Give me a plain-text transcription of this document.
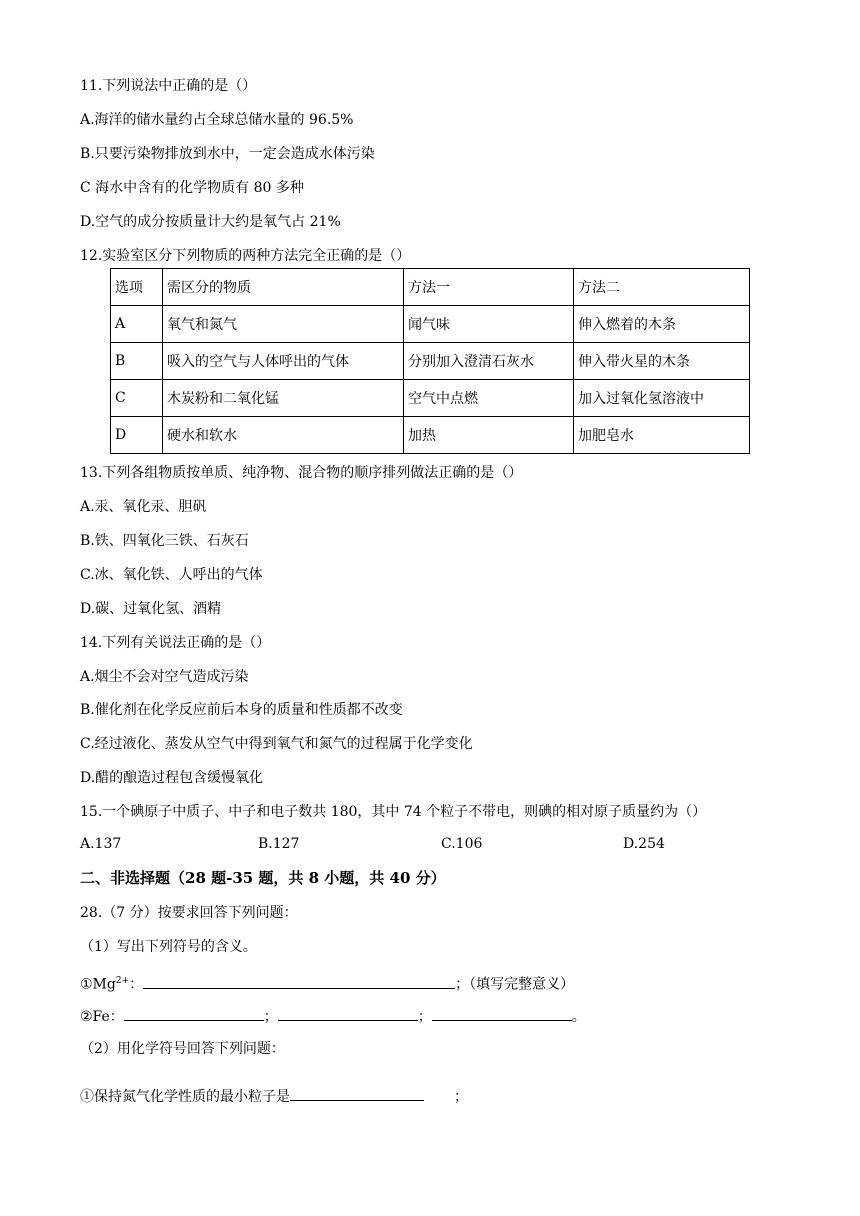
11.下列说法中正确的是（）
A.海洋的储水量约占全球总储水量的 96.5%
B.只要污染物排放到水中，一定会造成水体污染
C 海水中含有的化学物质有 80 多种
D.空气的成分按质量计大约是氧气占 21%
12.实验室区分下列物质的两种方法完全正确的是（）
选项	需区分的物质	方法一	方法二
A	氧气和氮气	闻气味	伸入燃着的木条
B	吸入的空气与人体呼出的气体	分别加入澄清石灰水	伸入带火星的木条
C	木炭粉和二氧化锰	空气中点燃	加入过氧化氢溶液中
D	硬水和软水	加热	加肥皂水
13.下列各组物质按单质、纯净物、混合物的顺序排列做法正确的是（）
A.汞、氧化汞、胆矾
B.铁、四氧化三铁、石灰石
C.冰、氧化铁、人呼出的气体
D.碳、过氧化氢、酒精
14.下列有关说法正确的是（）
A.烟尘不会对空气造成污染
B.催化剂在化学反应前后本身的质量和性质都不改变
C.经过液化、蒸发从空气中得到氧气和氮气的过程属于化学变化
D.醋的酿造过程包含缓慢氧化
15.一个碘原子中质子、中子和电子数共 180，其中 74 个粒子不带电，则碘的相对原子质量约为（）
A.137	B.127	C.106	D.254
二、非选择题（28 题-35 题，共 8 小题，共 40 分）
28.（7 分）按要求回答下列问题：
（1）写出下列符号的含义。
$①Mg^{2+}$：	；（填写完整意义）
②Fe：	；	；	。
（2）用化学符号回答下列问题：
①保持氮气化学性质的最小粒子是	；
